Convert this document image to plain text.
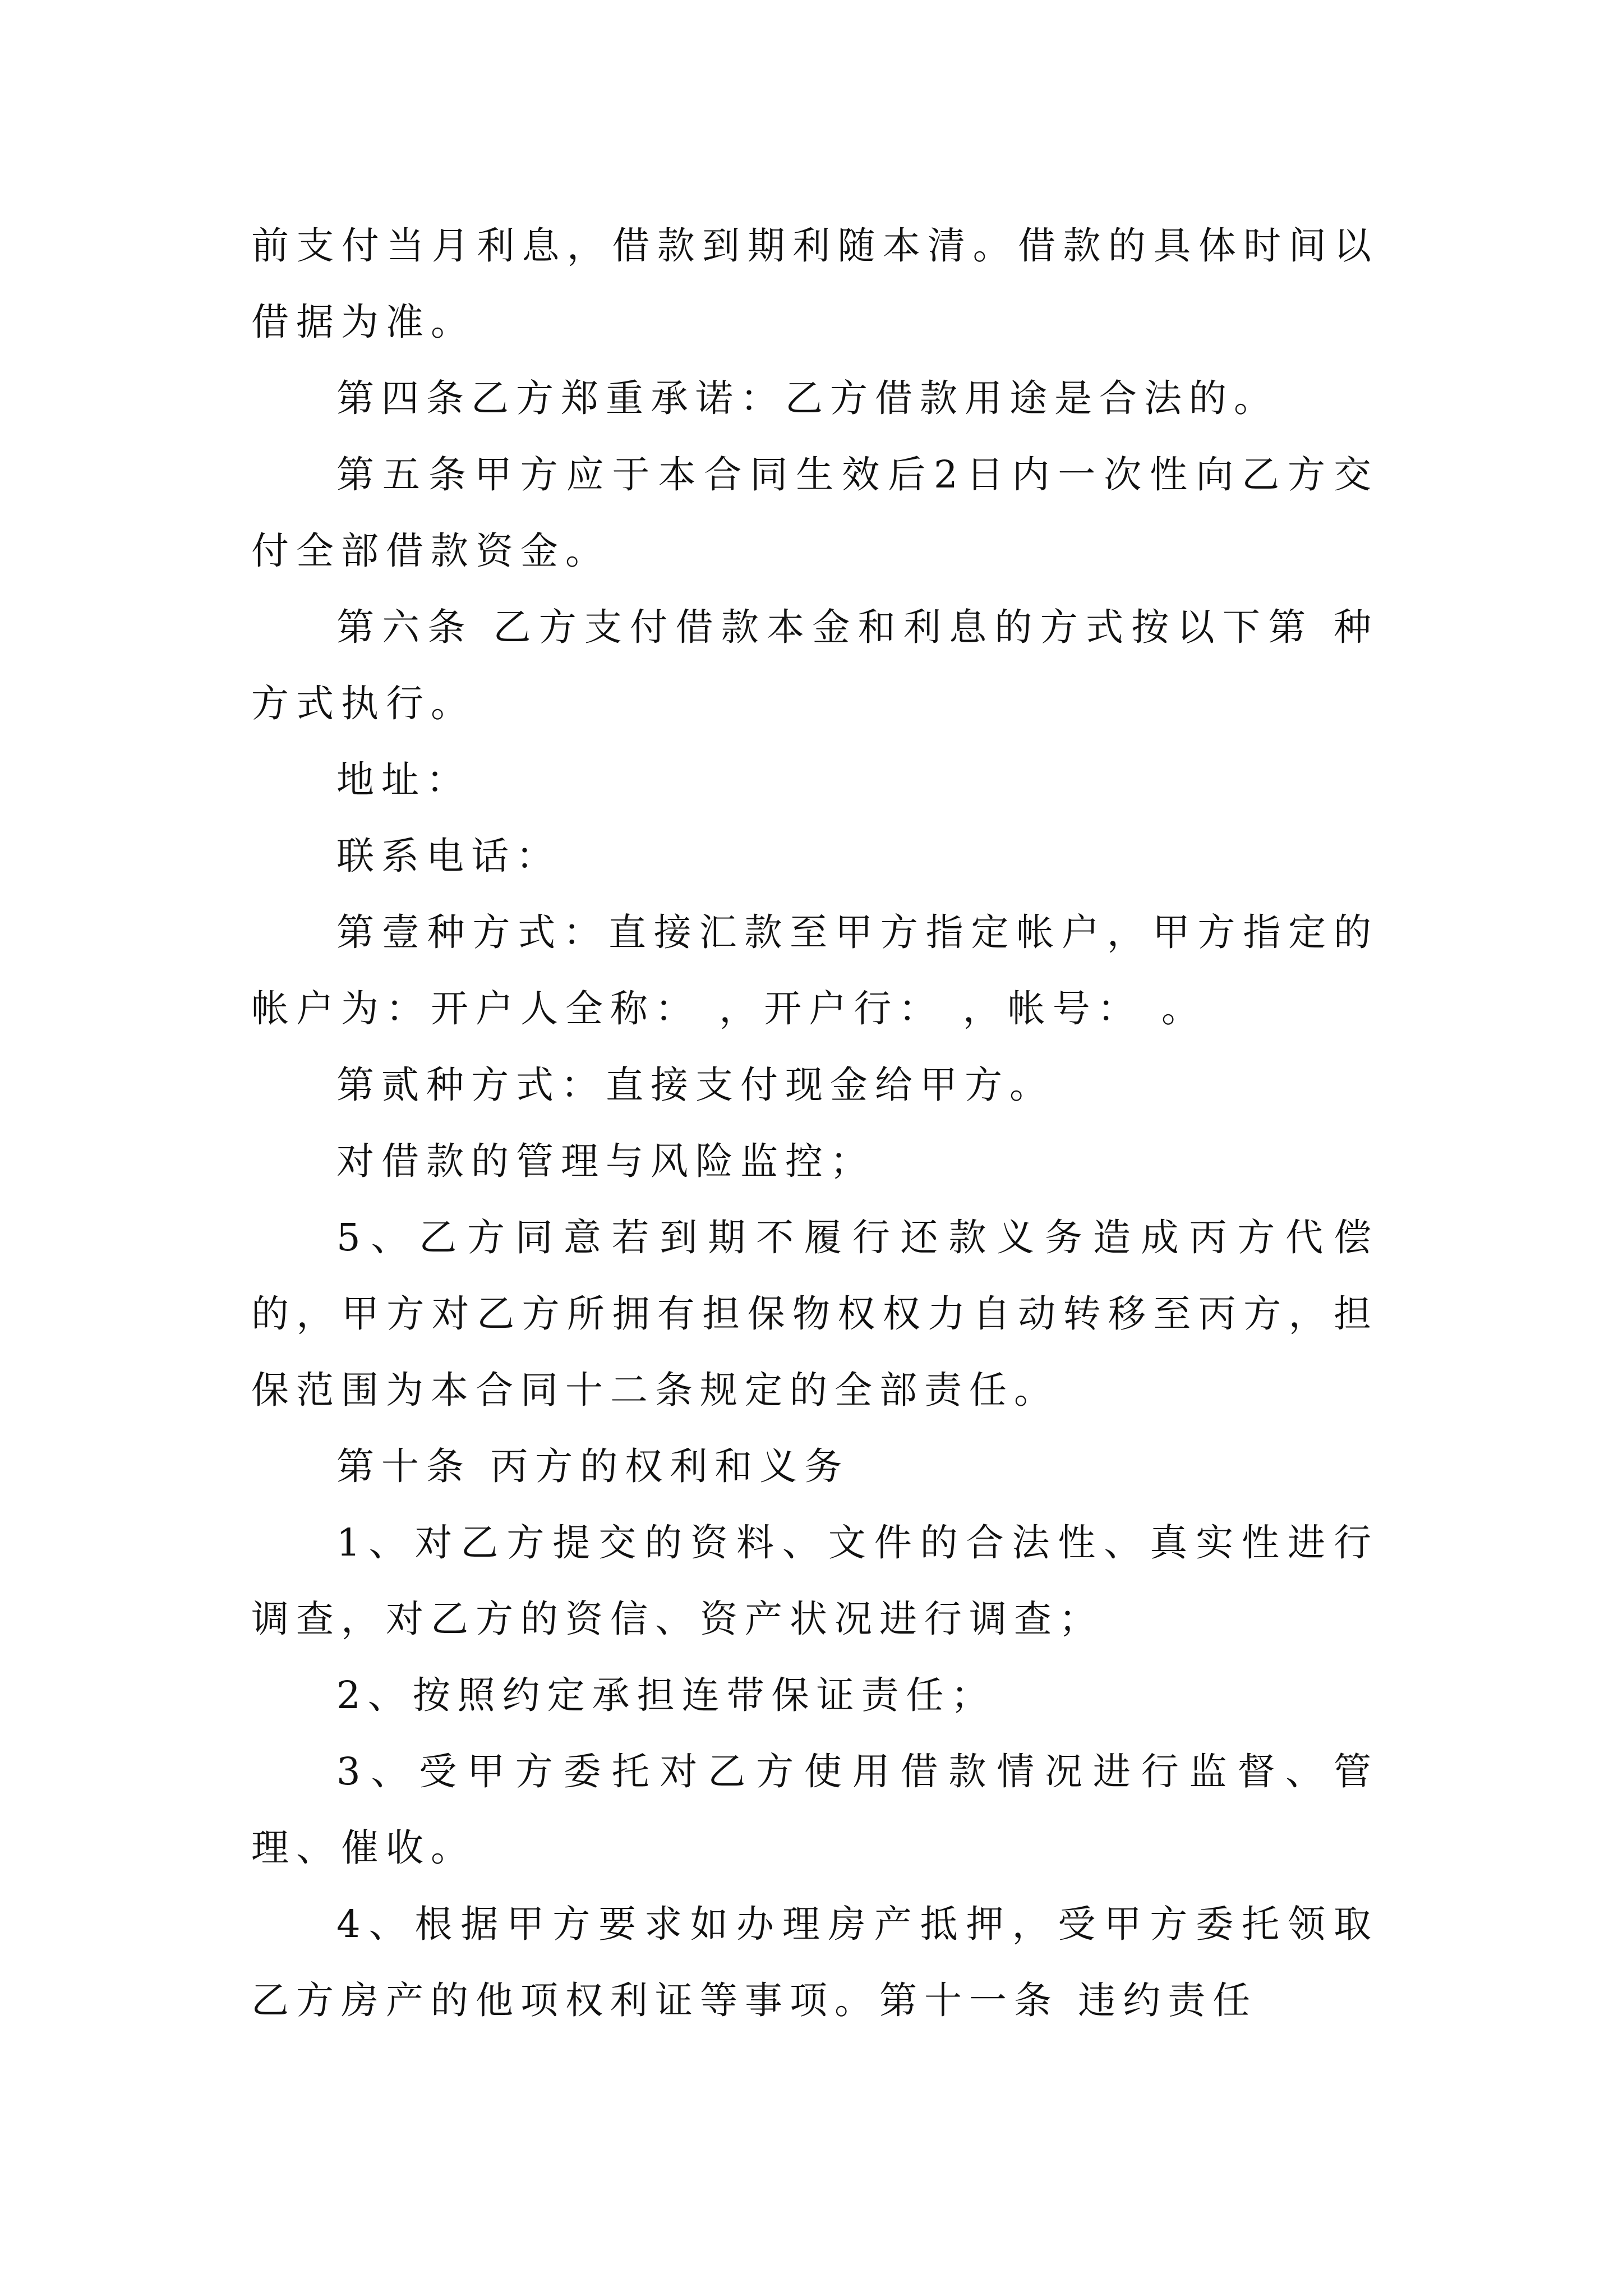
前支付当月利息，借款到期利随本清。借款的具体时间以借据为准。

第四条乙方郑重承诺：乙方借款用途是合法的。

第五条甲方应于本合同生效后2日内一次性向乙方交付全部借款资金。

第六条 乙方支付借款本金和利息的方式按以下第 种方式执行。

地址：

联系电话：

第壹种方式：直接汇款至甲方指定帐户，甲方指定的帐户为：开户人全称： ，开户行： ，帐号： 。

第贰种方式：直接支付现金给甲方。

对借款的管理与风险监控；

5、乙方同意若到期不履行还款义务造成丙方代偿的，甲方对乙方所拥有担保物权权力自动转移至丙方，担保范围为本合同十二条规定的全部责任。

第十条 丙方的权利和义务

1、对乙方提交的资料、文件的合法性、真实性进行调查，对乙方的资信、资产状况进行调查；

2、按照约定承担连带保证责任；

3、受甲方委托对乙方使用借款情况进行监督、管理、催收。

4、根据甲方要求如办理房产抵押，受甲方委托领取乙方房产的他项权利证等事项。第十一条 违约责任
